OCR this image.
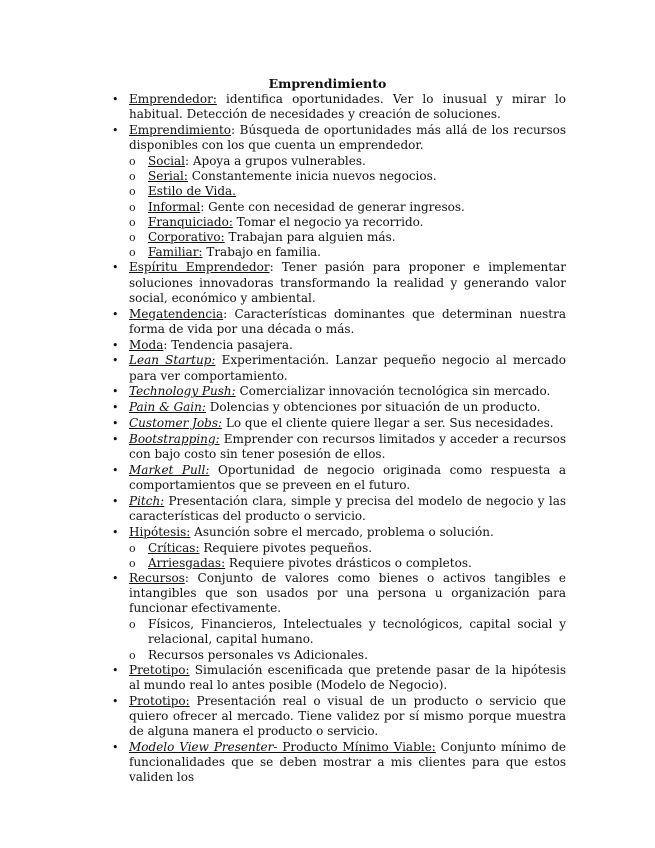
Emprendimiento
• Emprendedor: identifica oportunidades. Ver lo inusual y mirar lo habitual. Detección de necesidades y creación de soluciones.
• Emprendimiento: Búsqueda de oportunidades más allá de los recursos disponibles con los que cuenta un emprendedor.
o Social: Apoya a grupos vulnerables.
o Serial: Constantemente inicia nuevos negocios.
o Estilo de Vida.
o Informal: Gente con necesidad de generar ingresos.
o Franquiciado: Tomar el negocio ya recorrido.
o Corporativo: Trabajan para alguien más.
o Familiar: Trabajo en familia.
• Espíritu Emprendedor: Tener pasión para proponer e implementar soluciones innovadoras transformando la realidad y generando valor social, económico y ambiental.
• Megatendencia: Características dominantes que determinan nuestra forma de vida por una década o más.
• Moda: Tendencia pasajera.
• Lean Startup: Experimentación. Lanzar pequeño negocio al mercado para ver comportamiento.
• Technology Push: Comercializar innovación tecnológica sin mercado.
• Pain & Gain: Dolencias y obtenciones por situación de un producto.
• Customer Jobs: Lo que el cliente quiere llegar a ser. Sus necesidades.
• Bootstrapping: Emprender con recursos limitados y acceder a recursos con bajo costo sin tener posesión de ellos.
• Market Pull: Oportunidad de negocio originada como respuesta a comportamientos que se preveen en el futuro.
• Pitch: Presentación clara, simple y precisa del modelo de negocio y las características del producto o servicio.
• Hipótesis: Asunción sobre el mercado, problema o solución.
o Críticas: Requiere pivotes pequeños.
o Arriesgadas: Requiere pivotes drásticos o completos.
• Recursos: Conjunto de valores como bienes o activos tangibles e intangibles que son usados por una persona u organización para funcionar efectivamente.
o Físicos, Financieros, Intelectuales y tecnológicos, capital social y relacional, capital humano.
o Recursos personales vs Adicionales.
• Pretotipo: Simulación escenificada que pretende pasar de la hipótesis al mundo real lo antes posible (Modelo de Negocio).
• Prototipo: Presentación real o visual de un producto o servicio que quiero ofrecer al mercado. Tiene validez por sí mismo porque muestra de alguna manera el producto o servicio.
• Modelo View Presenter- Producto Mínimo Viable: Conjunto mínimo de funcionalidades que se deben mostrar a mis clientes para que estos validen los
